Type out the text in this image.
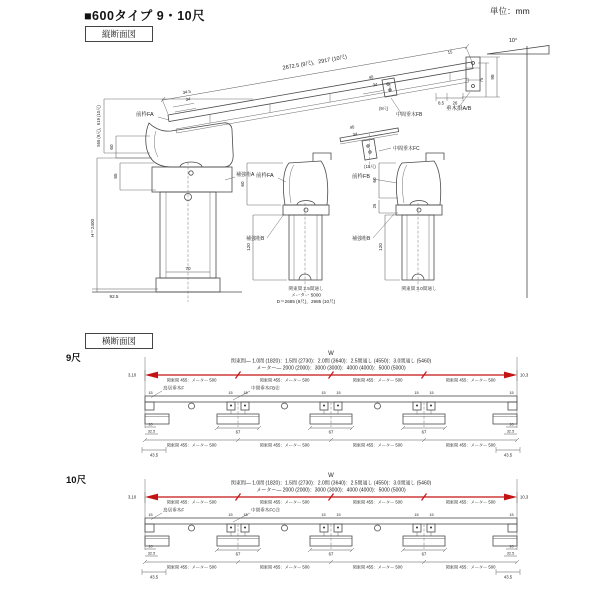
■600タイプ 9・10尺	単位：mm
10°
2672.5 (9尺)，2917 (10尺)
34.5
34
前枠FA
補強桁A
565 (9尺)，619 (10尺)
60
85
H＝2400
70
92.5
60
120
前枠FA
補強桁B
関東間 2.5間通し
メーター 5000
D＝2685 (9尺)，2985 (10尺)
60
25
120
前枠FB
補強桁B
関東間 3.0間通し
98
75
8.5 26
15
垂木掛A/B
40
34
(9尺)
中間垂木FB
40
34
中間垂木FC
(10尺)
縦断面図
横断面図
9尺
10尺
W
関東間— 1.0間 (1820)：1.5間 (2730)：2.0間 (3640)：2.5間通し (4550)：3.0間通し (5460)
メーター— 2000 (2000)：3000 (3000)：4000 (4000)：5000 (5000)
3,10	10,3
関東間 455：メーター 500	関東間 455：メーター 500	関東間 455：メーター 500	関東間 455：メーター 500
鳥居垂木F	中間垂木FB㊟
15	15	15	15	15	15	15	15
67	67	67
関東間 455：メーター 500	関東間 455：メーター 500	関東間 455：メーター 500	関東間 455：メーター 500
10
32.5
43.5
10
32.5
43.5
W
関東間— 1.0間 (1820)：1.5間 (2730)：2.0間 (3640)：2.5間通し (4550)：3.0間通し (5460)
メーター— 2000 (2000)：3000 (3000)：4000 (4000)：5000 (5000)
3,10	10,3
関東間 455：メーター 500	関東間 455：メーター 500	関東間 455：メーター 500	関東間 455：メーター 500
鳥居垂木F	中間垂木FC㊟
15	15	15	15	15	15	15	15
67	67	67
関東間 455：メーター 500	関東間 455：メーター 500	関東間 455：メーター 500	関東間 455：メーター 500
10
32.5
43.5
10
32.5
43.5
